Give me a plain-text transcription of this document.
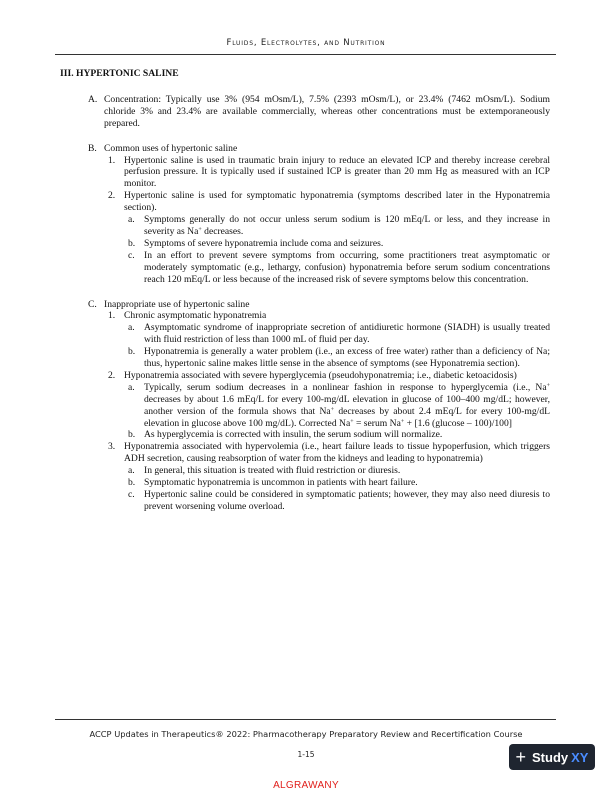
Fluids, Electrolytes, and Nutrition
III. HYPERTONIC SALINE
A. Concentration: Typically use 3% (954 mOsm/L), 7.5% (2393 mOsm/L), or 23.4% (7462 mOsm/L). Sodium chloride 3% and 23.4% are available commercially, whereas other concentrations must be extemporaneously prepared.
B. Common uses of hypertonic saline
1. Hypertonic saline is used in traumatic brain injury to reduce an elevated ICP and thereby increase cerebral perfusion pressure. It is typically used if sustained ICP is greater than 20 mm Hg as measured with an ICP monitor.
2. Hypertonic saline is used for symptomatic hyponatremia (symptoms described later in the Hyponatremia section).
a. Symptoms generally do not occur unless serum sodium is 120 mEq/L or less, and they increase in severity as Na+ decreases.
b. Symptoms of severe hyponatremia include coma and seizures.
c. In an effort to prevent severe symptoms from occurring, some practitioners treat asymptomatic or moderately symptomatic (e.g., lethargy, confusion) hyponatremia before serum sodium concentrations reach 120 mEq/L or less because of the increased risk of severe symptoms below this concentration.
C. Inappropriate use of hypertonic saline
1. Chronic asymptomatic hyponatremia
a. Asymptomatic syndrome of inappropriate secretion of antidiuretic hormone (SIADH) is usually treated with fluid restriction of less than 1000 mL of fluid per day.
b. Hyponatremia is generally a water problem (i.e., an excess of free water) rather than a deficiency of Na; thus, hypertonic saline makes little sense in the absence of symptoms (see Hyponatremia section).
2. Hyponatremia associated with severe hyperglycemia (pseudohyponatremia; i.e., diabetic ketoacidosis)
a. Typically, serum sodium decreases in a nonlinear fashion in response to hyperglycemia (i.e., Na+ decreases by about 1.6 mEq/L for every 100-mg/dL elevation in glucose of 100–400 mg/dL; however, another version of the formula shows that Na+ decreases by about 2.4 mEq/L for every 100-mg/dL elevation in glucose above 100 mg/dL). Corrected Na+ = serum Na+ + [1.6 (glucose – 100)/100]
b. As hyperglycemia is corrected with insulin, the serum sodium will normalize.
3. Hyponatremia associated with hypervolemia (i.e., heart failure leads to tissue hypoperfusion, which triggers ADH secretion, causing reabsorption of water from the kidneys and leading to hyponatremia)
a. In general, this situation is treated with fluid restriction or diuresis.
b. Symptomatic hyponatremia is uncommon in patients with heart failure.
c. Hypertonic saline could be considered in symptomatic patients; however, they may also need diuresis to prevent worsening volume overload.
ACCP Updates in Therapeutics® 2022: Pharmacotherapy Preparatory Review and Recertification Course
1-15	+ Study XY
ALGRAWANY
